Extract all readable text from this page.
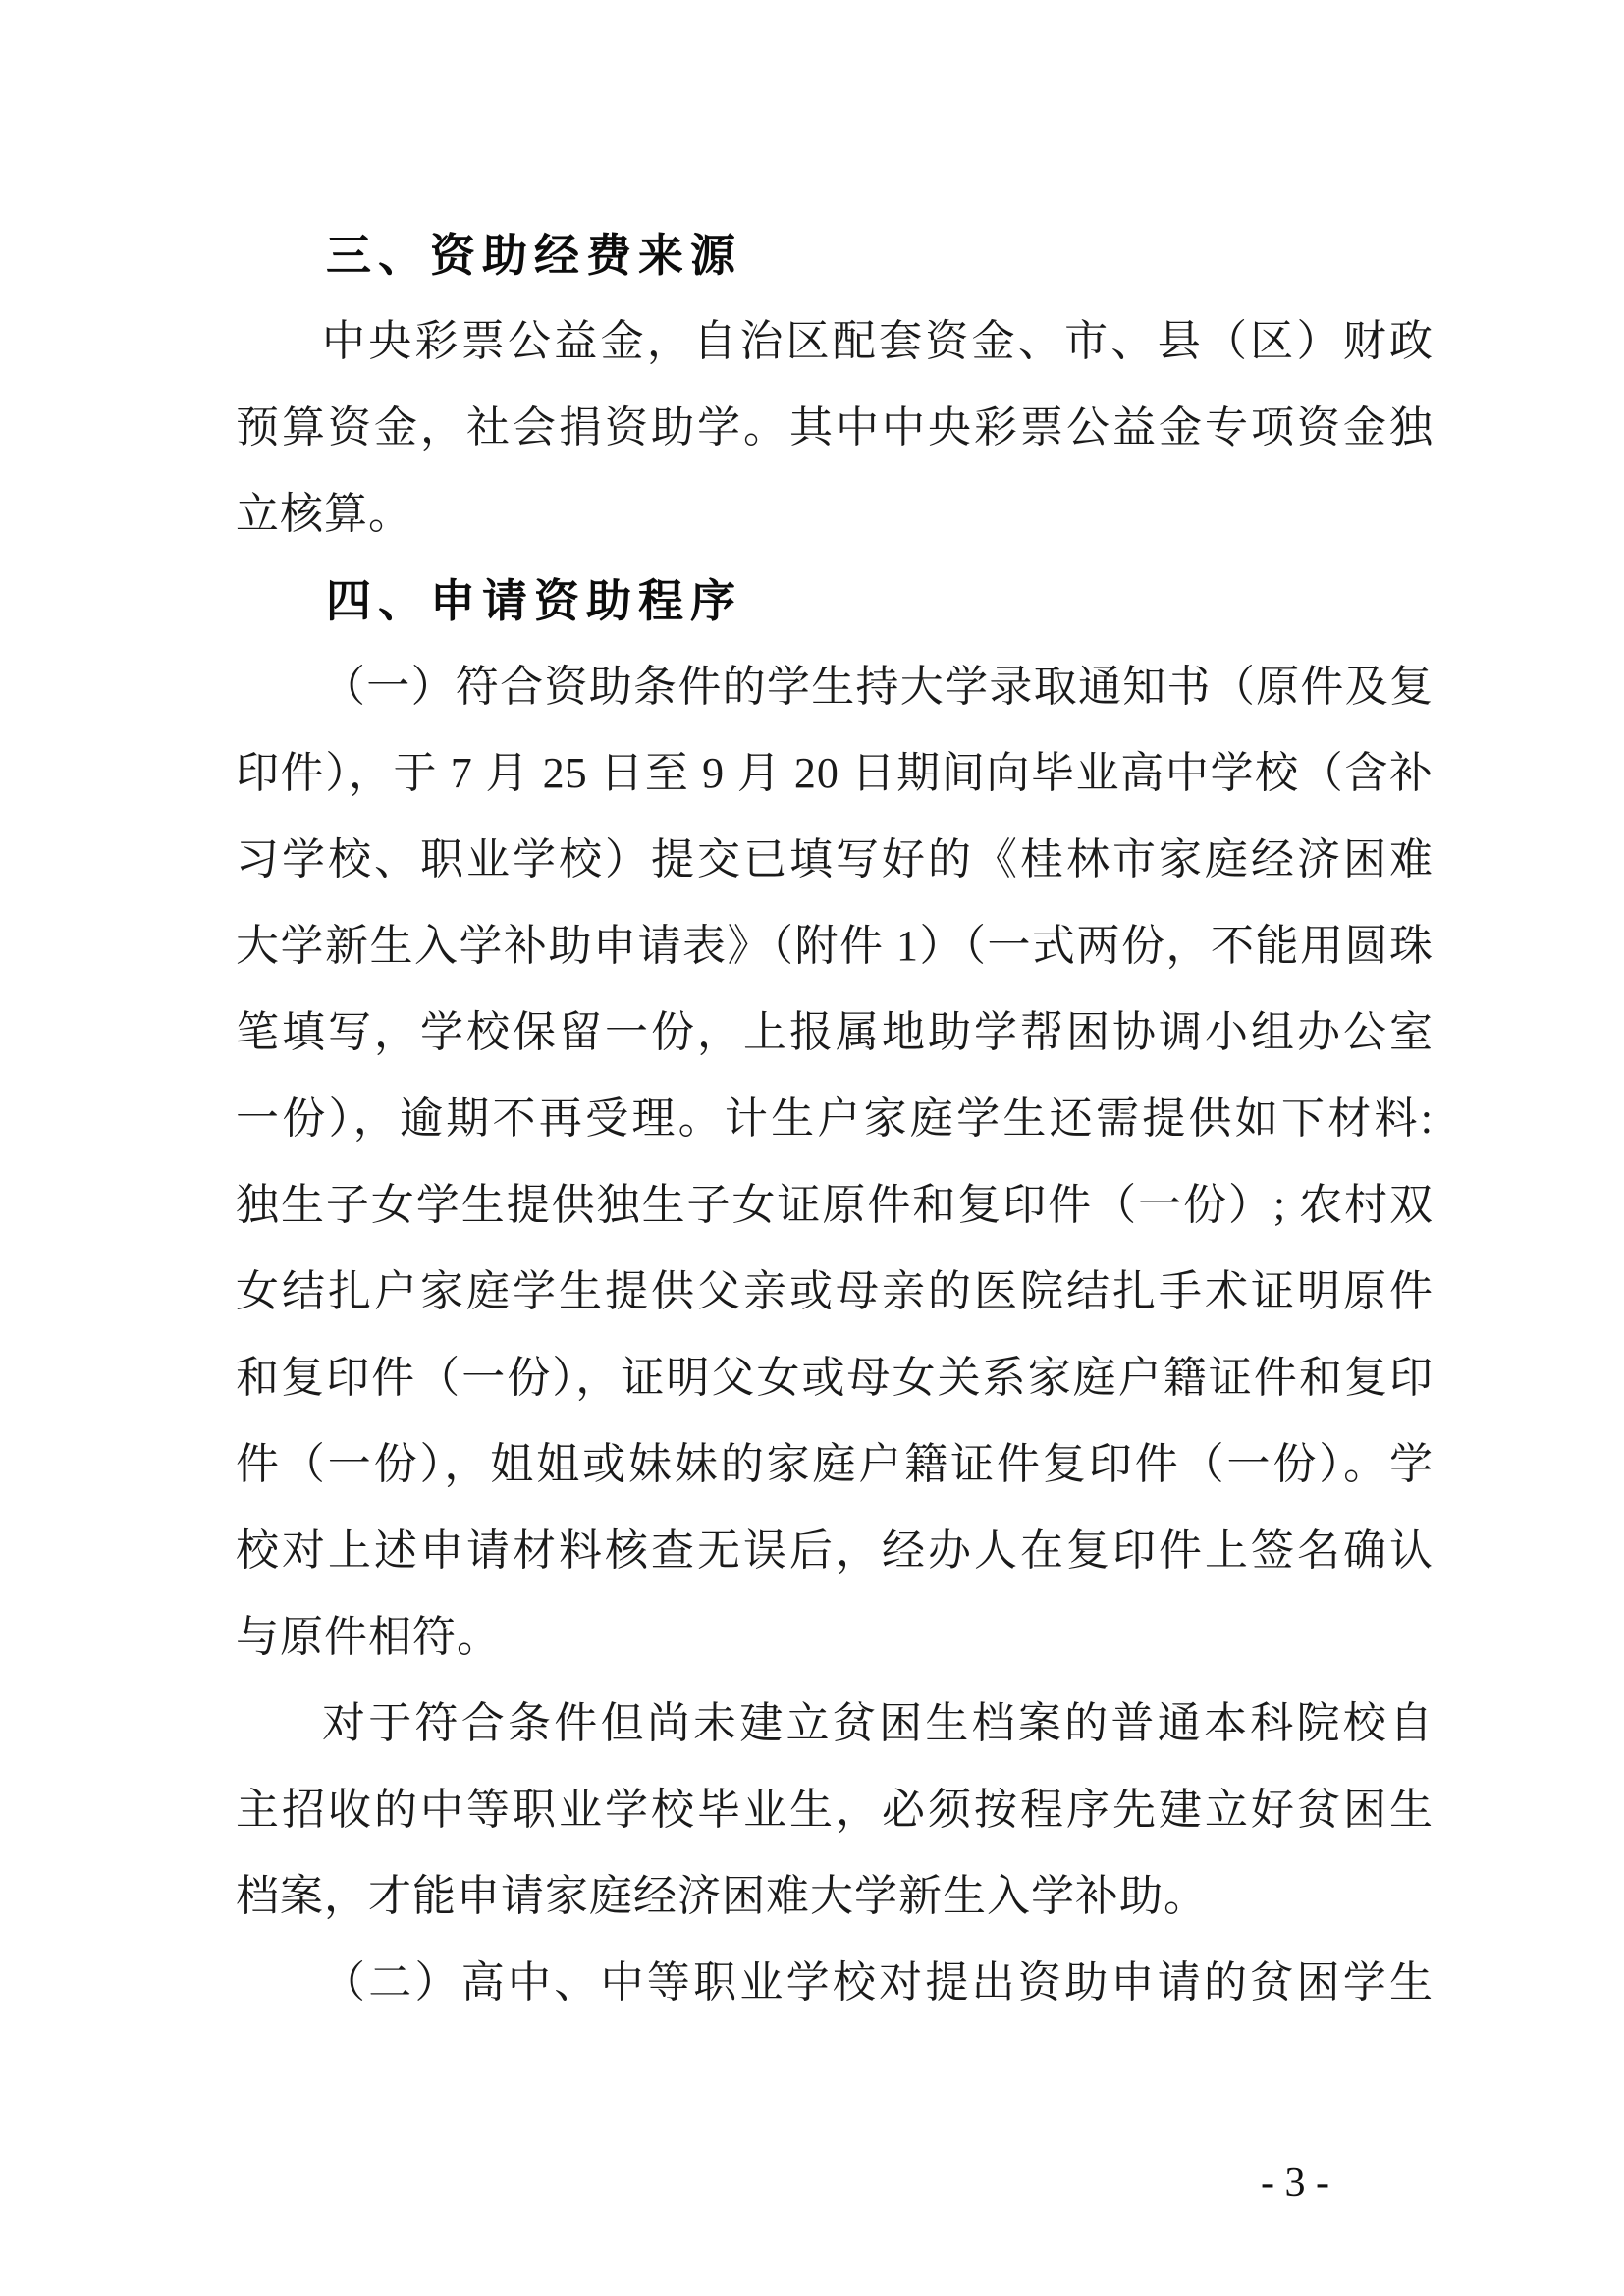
三、资助经费来源
中央彩票公益金，自治区配套资金、市、县（区）财政
预算资金，社会捐资助学。其中中央彩票公益金专项资金独
立核算。
四、申请资助程序
（一）符合资助条件的学生持大学录取通知书（原件及复
印件），于 7 月 25 日至 9 月 20 日期间向毕业高中学校（含补
习学校、职业学校）提交已填写好的《桂林市家庭经济困难
大学新生入学补助申请表》（附件 1）（一式两份，不能用圆珠
笔填写，学校保留一份，上报属地助学帮困协调小组办公室
一份），逾期不再受理。计生户家庭学生还需提供如下材料:
独生子女学生提供独生子女证原件和复印件（一份）; 农村双
女结扎户家庭学生提供父亲或母亲的医院结扎手术证明原件
和复印件（一份），证明父女或母女关系家庭户籍证件和复印
件（一份），姐姐或妹妹的家庭户籍证件复印件（一份）。学
校对上述申请材料核查无误后，经办人在复印件上签名确认
与原件相符。
对于符合条件但尚未建立贫困生档案的普通本科院校自
主招收的中等职业学校毕业生，必须按程序先建立好贫困生
档案，才能申请家庭经济困难大学新生入学补助。
（二）高中、中等职业学校对提出资助申请的贫困学生
- 3 -
